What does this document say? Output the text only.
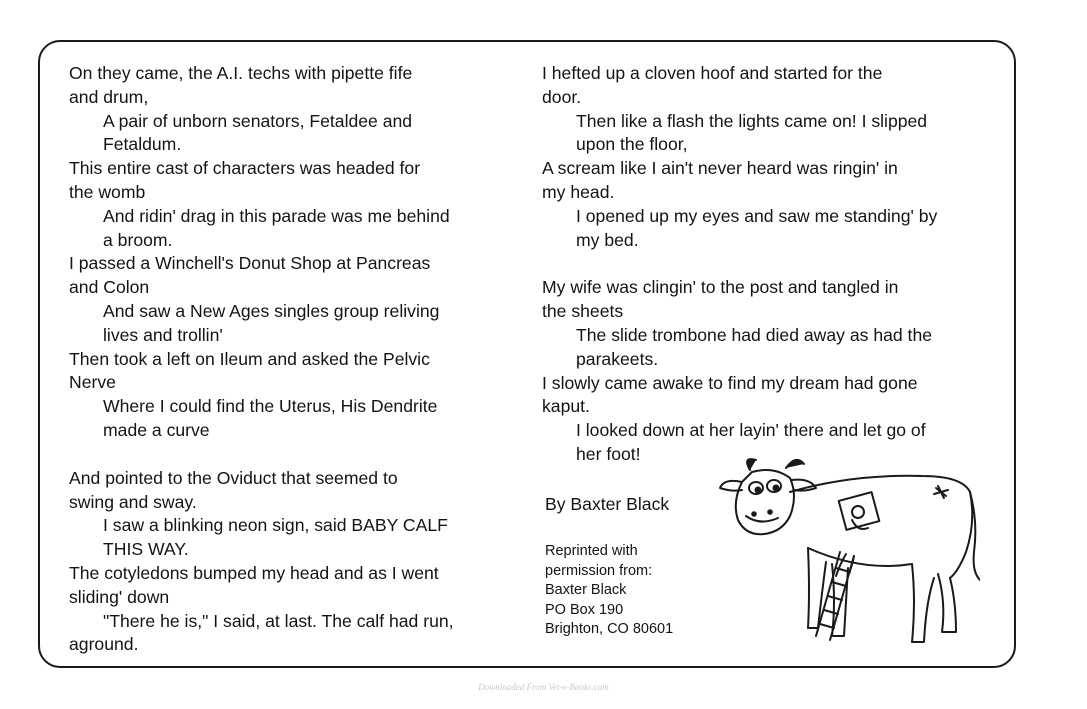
On they came, the A.I. techs with pipette fife
and drum,
A pair of unborn senators, Fetaldee and
Fetaldum.
This entire cast of characters was headed for
the womb
And ridin' drag in this parade was me behind
a broom.
I passed a Winchell's Donut Shop at Pancreas
and Colon
And saw a New Ages singles group reliving
lives and trollin'
Then took a left on Ileum and asked the Pelvic
Nerve
Where I could find the Uterus, His Dendrite
made a curve
And pointed to the Oviduct that seemed to
swing and sway.
I saw a blinking neon sign, said BABY CALF
THIS WAY.
The cotyledons bumped my head and as I went
sliding' down
"There he is," I said, at last. The calf had run,
aground.
I hefted up a cloven hoof and started for the
door.
Then like a flash the lights came on! I slipped
upon the floor,
A scream like I ain't never heard was ringin' in
my head.
I opened up my eyes and saw me standing' by
my bed.
My wife was clingin' to the post and tangled in
the sheets
The slide trombone had died away as had the
parakeets.
I slowly came awake to find my dream had gone
kaput.
I looked down at her layin' there and let go of
her foot!
By Baxter Black
Reprinted with
permission from:
Baxter Black
PO Box 190
Brighton, CO 80601
Downloaded From Vet-e-Books.com
